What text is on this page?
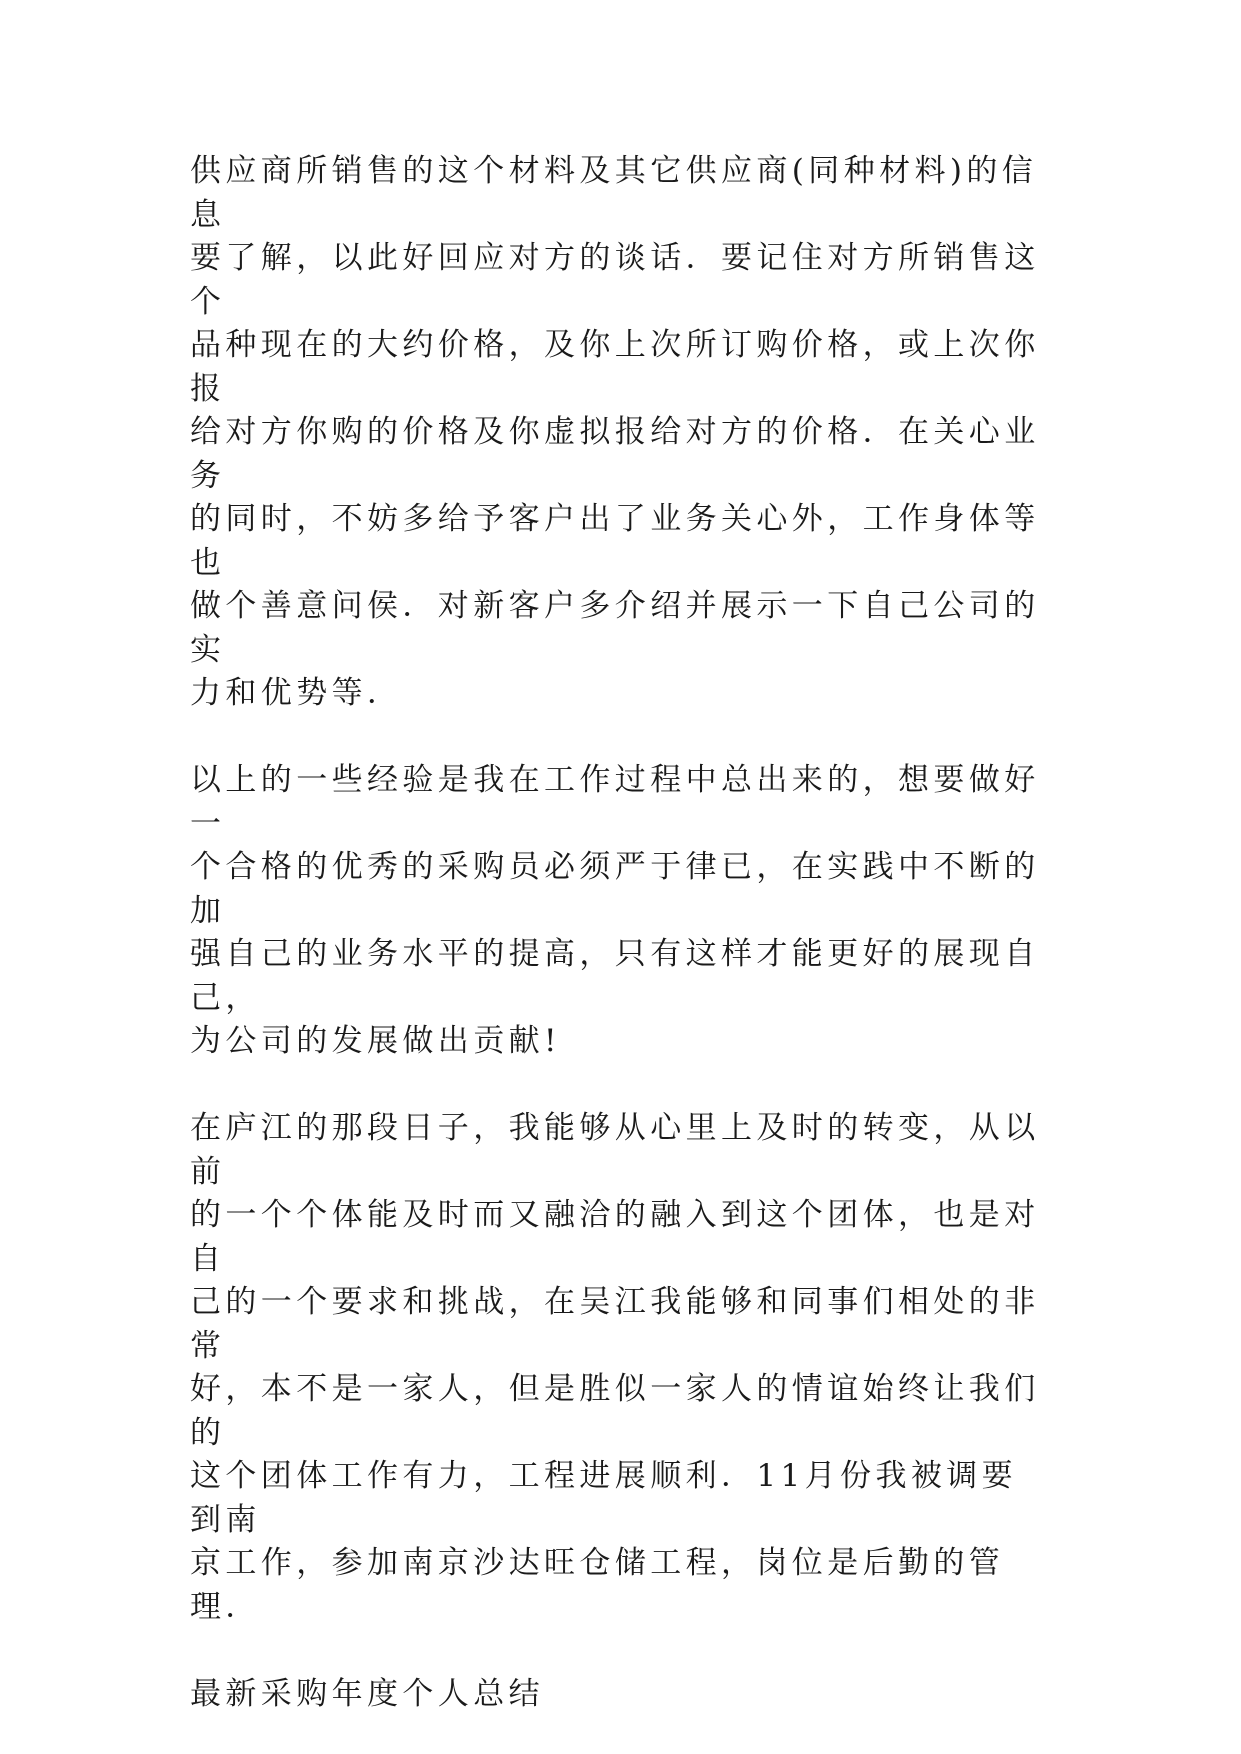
供应商所销售的这个材料及其它供应商(同种材料)的信息
要了解，以此好回应对方的谈话．要记住对方所销售这个
品种现在的大约价格，及你上次所订购价格，或上次你报
给对方你购的价格及你虚拟报给对方的价格．在关心业务
的同时，不妨多给予客户出了业务关心外，工作身体等也
做个善意问侯．对新客户多介绍并展示一下自己公司的实
力和优势等．
以上的一些经验是我在工作过程中总出来的，想要做好一
个合格的优秀的采购员必须严于律已，在实践中不断的加
强自己的业务水平的提高，只有这样才能更好的展现自己，
为公司的发展做出贡献!
在庐江的那段日子，我能够从心里上及时的转变，从以前
的一个个体能及时而又融洽的融入到这个团体，也是对自
己的一个要求和挑战，在吴江我能够和同事们相处的非常
好，本不是一家人，但是胜似一家人的情谊始终让我们的
这个团体工作有力，工程进展顺利．11月份我被调要到南
京工作，参加南京沙达旺仓储工程，岗位是后勤的管理．
最新采购年度个人总结
